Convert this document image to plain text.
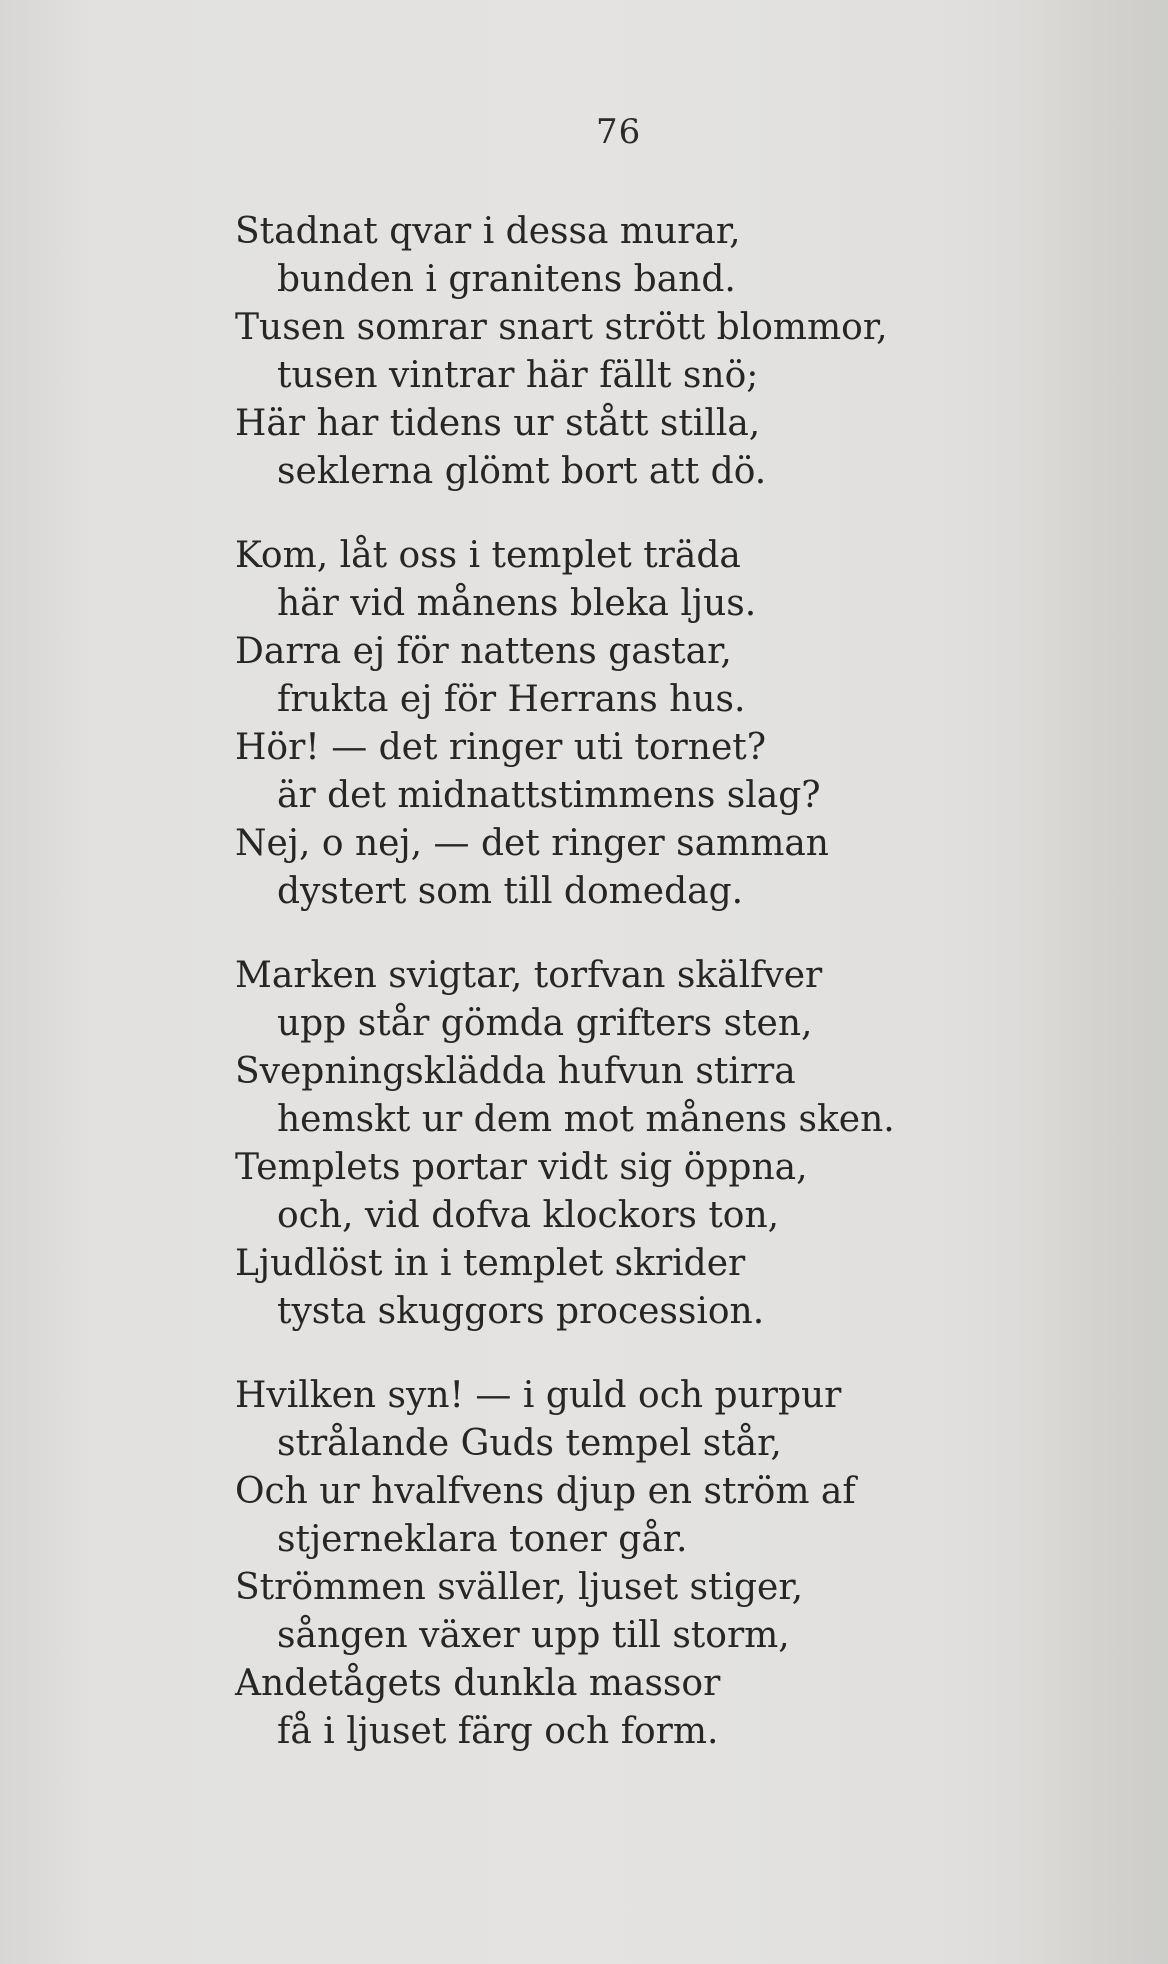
76
Stadnat qvar i dessa murar,
bunden i granitens band.
Tusen somrar snart strött blommor,
tusen vintrar här fällt snö;
Här har tidens ur stått stilla,
seklerna glömt bort att dö.
Kom, låt oss i templet träda
här vid månens bleka ljus.
Darra ej för nattens gastar,
frukta ej för Herrans hus.
Hör! — det ringer uti tornet?
är det midnattstimmens slag?
Nej, o nej, — det ringer samman
dystert som till domedag.
Marken svigtar, torfvan skälfver
upp står gömda grifters sten,
Svepningsklädda hufvun stirra
hemskt ur dem mot månens sken.
Templets portar vidt sig öppna,
och, vid dofva klockors ton,
Ljudlöst in i templet skrider
tysta skuggors procession.
Hvilken syn! — i guld och purpur
strålande Guds tempel står,
Och ur hvalfvens djup en ström af
stjerneklara toner går.
Strömmen sväller, ljuset stiger,
sången växer upp till storm,
Andetågets dunkla massor
få i ljuset färg och form.
